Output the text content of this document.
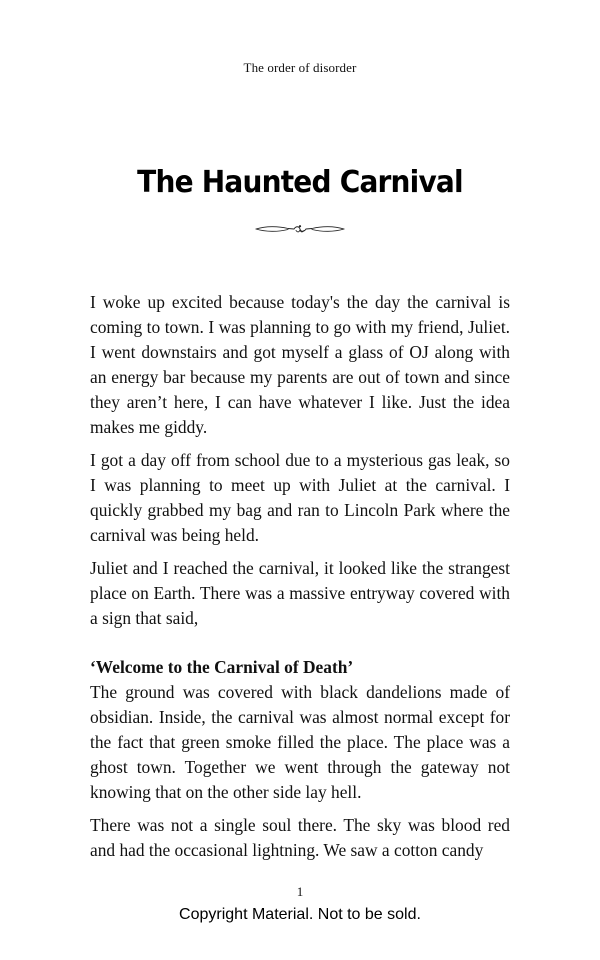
The order of disorder
The Haunted Carnival

I woke up excited because today's the day the carnival is coming to town. I was planning to go with my friend, Juliet. I went downstairs and got myself a glass of OJ along with an energy bar because my parents are out of town and since they aren’t here, I can have whatever I like. Just the idea makes me giddy.

I got a day off from school due to a mysterious gas leak, so I was planning to meet up with Juliet at the carnival. I quickly grabbed my bag and ran to Lincoln Park where the carnival was being held.

Juliet and I reached the carnival, it looked like the strangest place on Earth. There was a massive entryway covered with a sign that said,

‘Welcome to the Carnival of Death’

The ground was covered with black dandelions made of obsidian. Inside, the carnival was almost normal except for the fact that green smoke filled the place. The place was a ghost town. Together we went through the gateway not knowing that on the other side lay hell.

There was not a single soul there. The sky was blood red and had the occasional lightning. We saw a cotton candy

1
Copyright Material. Not to be sold.
